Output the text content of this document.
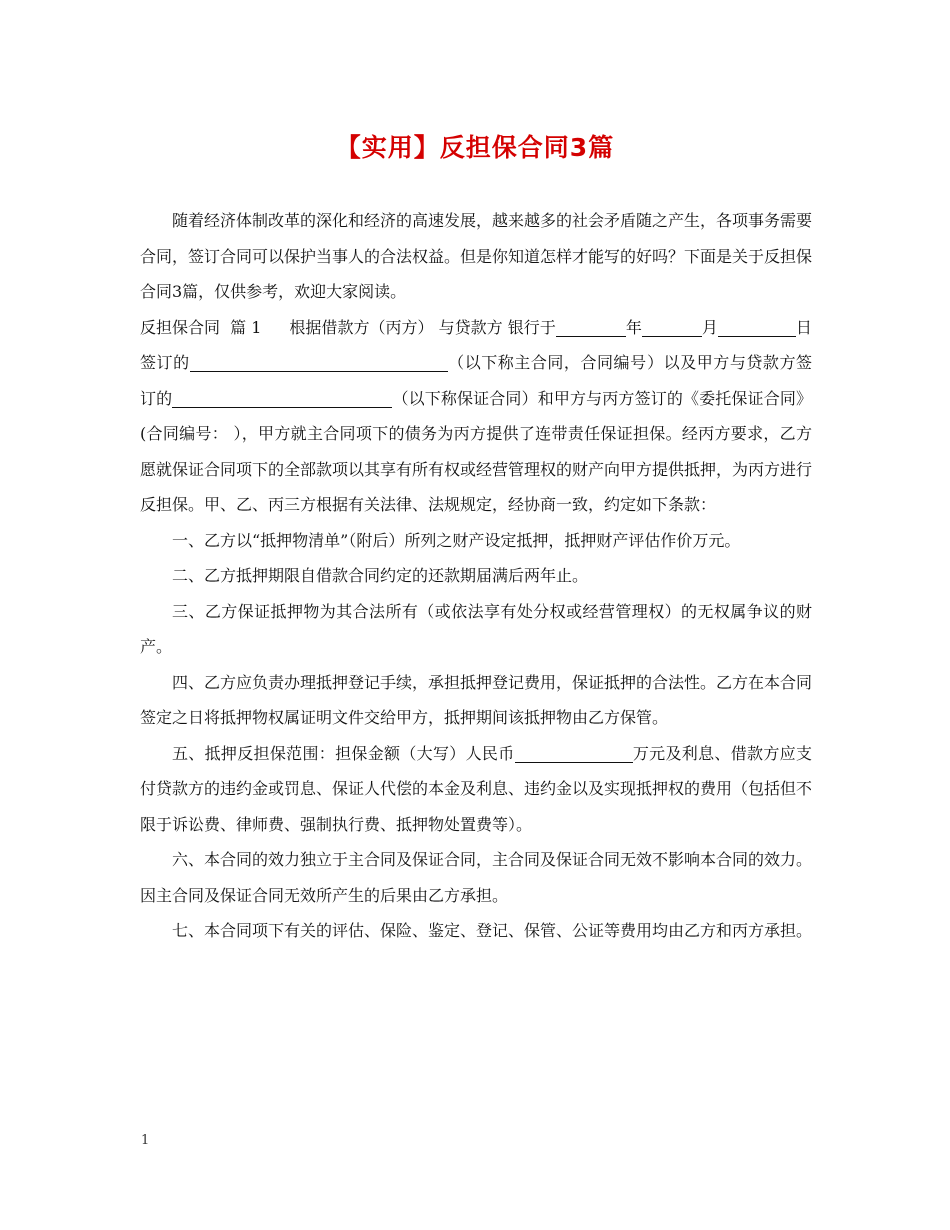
【实用】反担保合同3篇

随着经济体制改革的深化和经济的高速发展，越来越多的社会矛盾随之产生，各项事务需要合同，签订合同可以保护当事人的合法权益。但是你知道怎样才能写的好吗？下面是关于反担保合同3篇，仅供参考，欢迎大家阅读。

反担保合同 篇 1 根据借款方（丙方） 与贷款方 银行于	年	月	日签订的	（以下称主合同，合同编号）以及甲方与贷款方签订的	（以下称保证合同）和甲方与丙方签订的《委托保证合同》(合同编号： ），甲方就主合同项下的债务为丙方提供了连带责任保证担保。经丙方要求，乙方愿就保证合同项下的全部款项以其享有所有权或经营管理权的财产向甲方提供抵押，为丙方进行反担保。甲、乙、丙三方根据有关法律、法规规定，经协商一致，约定如下条款：

一、乙方以“抵押物清单”（附后）所列之财产设定抵押，抵押财产评估作价万元。

二、乙方抵押期限自借款合同约定的还款期届满后两年止。

三、乙方保证抵押物为其合法所有（或依法享有处分权或经营管理权）的无权属争议的财产。

四、乙方应负责办理抵押登记手续，承担抵押登记费用，保证抵押的合法性。乙方在本合同签定之日将抵押物权属证明文件交给甲方，抵押期间该抵押物由乙方保管。

五、抵押反担保范围：担保金额（大写）人民币	万元及利息、借款方应支付贷款方的违约金或罚息、保证人代偿的本金及利息、违约金以及实现抵押权的费用（包括但不限于诉讼费、律师费、强制执行费、抵押物处置费等）。

六、本合同的效力独立于主合同及保证合同，主合同及保证合同无效不影响本合同的效力。因主合同及保证合同无效所产生的后果由乙方承担。

七、本合同项下有关的评估、保险、鉴定、登记、保管、公证等费用均由乙方和丙方承担。

1
